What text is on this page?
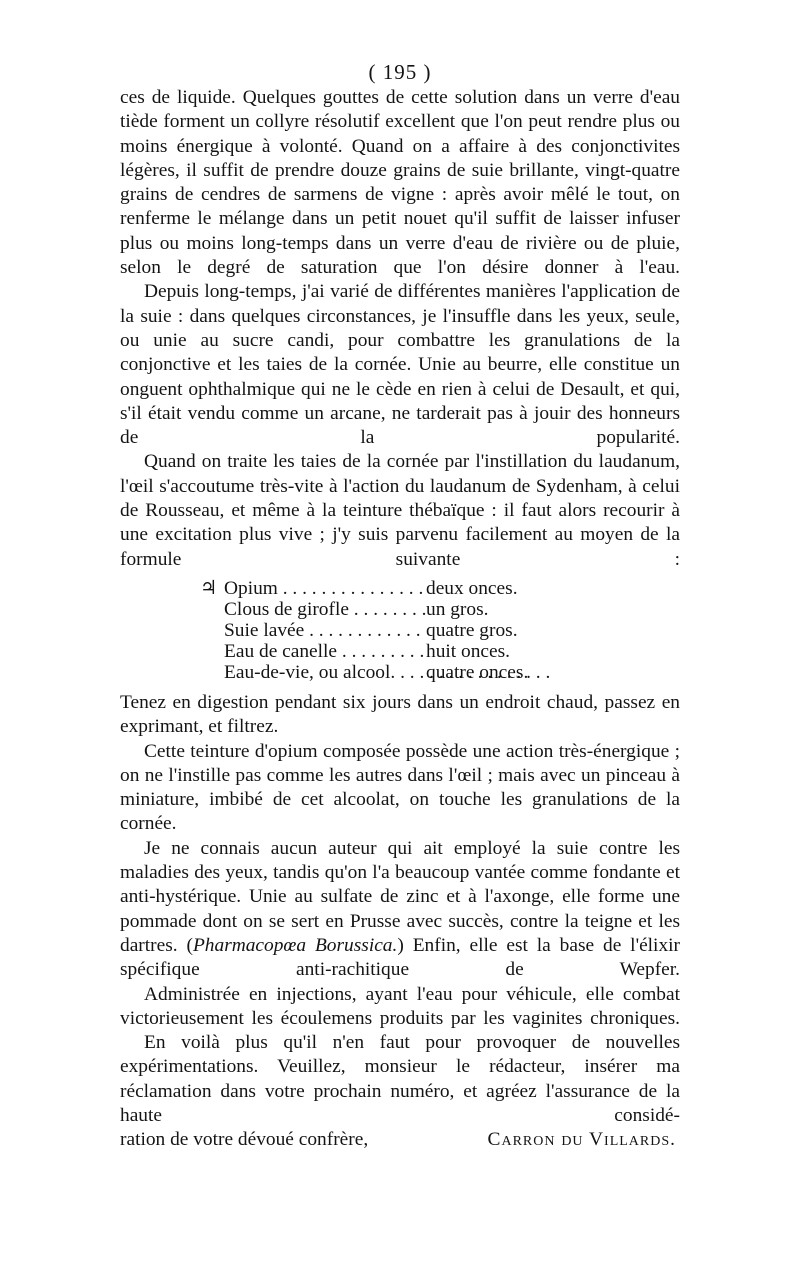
( 195 )

ces de liquide. Quelques gouttes de cette solution dans un verre d'eau tiède forment un collyre résolutif excellent que l'on peut rendre plus ou moins énergique à volonté. Quand on a affaire à des conjonctivites légères, il suffit de prendre douze grains de suie brillante, vingt-quatre grains de cendres de sarmens de vigne : après avoir mêlé le tout, on renferme le mélange dans un petit nouet qu'il suffit de laisser infuser plus ou moins long-temps dans un verre d'eau de rivière ou de pluie, selon le degré de saturation que l'on désire donner à l'eau.

Depuis long-temps, j'ai varié de différentes manières l'application de la suie : dans quelques circonstances, je l'insuffle dans les yeux, seule, ou unie au sucre candi, pour combattre les granulations de la conjonctive et les taies de la cornée. Unie au beurre, elle constitue un onguent ophthalmique qui ne le cède en rien à celui de Desault, et qui, s'il était vendu comme un arcane, ne tarderait pas à jouir des honneurs de la popularité.

Quand on traite les taies de la cornée par l'instillation du laudanum, l'œil s'accoutume très-vite à l'action du laudanum de Sydenham, à celui de Rousseau, et même à la teinture thébaïque : il faut alors recourir à une excitation plus vive ; j'y suis parvenu facilement au moyen de la formule suivante :

♃ Opium . . .	deux onces.
Clous de girofle . . .	un gros.
Suie lavée . . .	quatre gros.
Eau de canelle . . .	huit onces.
Eau-de-vie, ou alcool. . . .	quatre onces.

Tenez en digestion pendant six jours dans un endroit chaud, passez en exprimant, et filtrez.

Cette teinture d'opium composée possède une action très-énergique ; on ne l'instille pas comme les autres dans l'œil ; mais avec un pinceau à miniature, imbibé de cet alcoolat, on touche les granulations de la cornée.

Je ne connais aucun auteur qui ait employé la suie contre les maladies des yeux, tandis qu'on l'a beaucoup vantée comme fondante et anti-hystérique. Unie au sulfate de zinc et à l'axonge, elle forme une pommade dont on se sert en Prusse avec succès, contre la teigne et les dartres. (Pharmacopœa Borussica.) Enfin, elle est la base de l'élixir spécifique anti-rachitique de Wepfer.

Administrée en injections, ayant l'eau pour véhicule, elle combat victorieusement les écoulemens produits par les vaginites chroniques.

En voilà plus qu'il n'en faut pour provoquer de nouvelles expérimentations. Veuillez, monsieur le rédacteur, insérer ma réclamation dans votre prochain numéro, et agréez l'assurance de la haute considé-

ration de votre dévoué confrère,	Carron du Villards.
